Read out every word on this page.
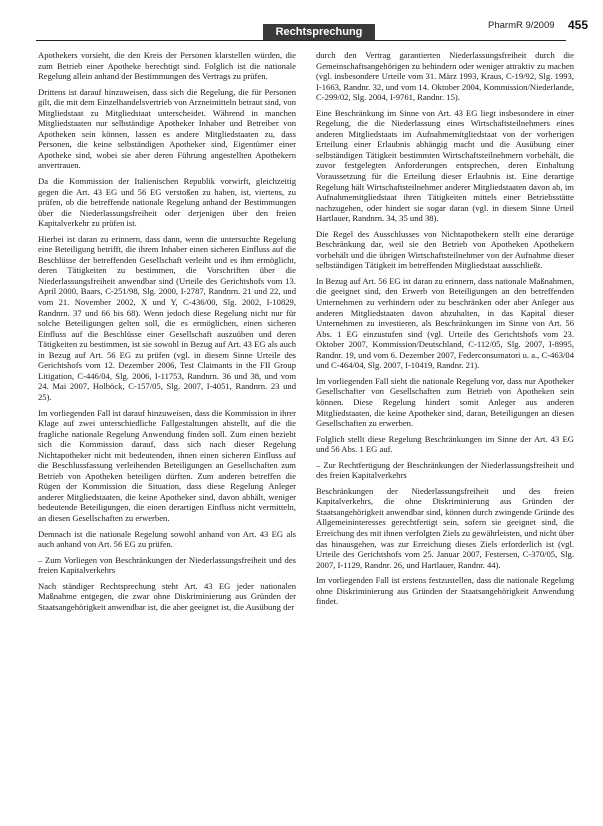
Rechtsprechung
PharmR 9/2009 455

Apothekers vorsieht, die den Kreis der Personen klarstellen würden, die zum Betrieb einer Apotheke berechtigt sind. Folglich ist die nationale Regelung allein anhand der Bestimmungen des Vertrags zu prüfen.

Drittens ist darauf hinzuweisen, dass sich die Regelung, die für Personen gilt, die mit dem Einzelhandelsvertrieb von Arzneimitteln betraut sind, von Mitgliedstaat zu Mitgliedstaat unterscheidet. Während in manchen Mitgliedstaaten nur selbständige Apotheker Inhaber und Betreiber von Apotheken sein können, lassen es andere Mitgliedstaaten zu, dass Personen, die keine selbständigen Apotheker sind, Eigentümer einer Apotheke sind, wobei sie aber deren Führung angestellten Apothekern anvertrauen.

Da die Kommission der Italienischen Republik vorwirft, gleichzeitig gegen die Art. 43 EG und 56 EG verstoßen zu haben, ist, viertens, zu prüfen, ob die betreffende nationale Regelung anhand der Bestimmungen über die Niederlassungsfreiheit oder derjenigen über den freien Kapitalverkehr zu prüfen ist.

Hierbei ist daran zu erinnern, dass dann, wenn die untersuchte Regelung eine Beteiligung betrifft, die ihrem Inhaber einen sicheren Einfluss auf die Beschlüsse der betreffenden Gesellschaft verleiht und es ihm ermöglicht, deren Tätigkeiten zu bestimmen, die Vorschriften über die Niederlassungsfreiheit anwendbar sind (Urteile des Gerichtshofs vom 13. April 2000, Baars, C-251/98, Slg. 2000, I-2787, Randnrn. 21 und 22, und vom 21. November 2002, X und Y, C-436/00, Slg. 2002, I-10829, Randnrn. 37 und 66 bis 68). Wenn jedoch diese Regelung nicht nur für solche Beteiligungen gelten soll, die es ermöglichen, einen sicheren Einfluss auf die Beschlüsse einer Gesellschaft auszuüben und deren Tätigkeiten zu bestimmen, ist sie sowohl in Bezug auf Art. 43 EG als auch in Bezug auf Art. 56 EG zu prüfen (vgl. in diesem Sinne Urteile des Gerichtshofs vom 12. Dezember 2006, Test Claimants in the FII Group Litigation, C-446/04, Slg. 2006, I-11753, Randnrn. 36 und 38, und vom 24. Mai 2007, Holböck, C-157/05, Slg. 2007, I-4051, Randnrn. 23 und 25).

Im vorliegenden Fall ist darauf hinzuweisen, dass die Kommission in ihrer Klage auf zwei unterschiedliche Fallgestaltungen abstellt, auf die die fragliche nationale Regelung Anwendung finden soll. Zum einen bezieht sich die Kommission darauf, dass sich nach dieser Regelung Nichtapotheker nicht mit bedeutenden, ihnen einen sicheren Einfluss auf die Beschlussfassung verleihenden Beteiligungen an Gesellschaften zum Betrieb von Apotheken beteiligen dürften. Zum anderen betreffen die Rügen der Kommission die Situation, dass diese Regelung Anleger anderer Mitgliedstaaten, die keine Apotheker sind, davon abhält, weniger bedeutende Beteiligungen, die einen derartigen Einfluss nicht vermitteln, an diesen Gesellschaften zu erwerben.

Demnach ist die nationale Regelung sowohl anhand von Art. 43 EG als auch anhand von Art. 56 EG zu prüfen.

– Zum Vorliegen von Beschränkungen der Niederlassungsfreiheit und des freien Kapitalverkehrs

Nach ständiger Rechtsprechung steht Art. 43 EG jeder nationalen Maßnahme entgegen, die zwar ohne Diskriminierung aus Gründen der Staatsangehörigkeit anwendbar ist, die aber geeignet ist, die Ausübung der

durch den Vertrag garantierten Niederlassungsfreiheit durch die Gemeinschaftsangehörigen zu behindern oder weniger attraktiv zu machen (vgl. insbesondere Urteile vom 31. März 1993, Kraus, C-19/92, Slg. 1993, I-1663, Randnr. 32, und vom 14. Oktober 2004, Kommission/Niederlande, C-299/02, Slg. 2004, I-9761, Randnr. 15).

Eine Beschränkung im Sinne von Art. 43 EG liegt insbesondere in einer Regelung, die die Niederlassung eines Wirtschaftsteilnehmers eines anderen Mitgliedstaats im Aufnahmemitgliedstaat von der vorherigen Erteilung einer Erlaubnis abhängig macht und die Ausübung einer selbständigen Tätigkeit bestimmten Wirtschaftsteilnehmern vorbehält, die zuvor festgelegten Anforderungen entsprechen, deren Einhaltung Voraussetzung für die Erteilung dieser Erlaubnis ist. Eine derartige Regelung hält Wirtschaftsteilnehmer anderer Mitgliedstaaten davon ab, im Aufnahmemitgliedstaat ihren Tätigkeiten mittels einer Betriebsstätte nachzugehen, oder hindert sie sogar daran (vgl. in diesem Sinne Urteil Hartlauer, Randnrn. 34, 35 und 38).

Die Regel des Ausschlusses von Nichtapothekern stellt eine derartige Beschränkung dar, weil sie den Betrieb von Apotheken Apothekern vorbehält und die übrigen Wirtschaftsteilnehmer von der Aufnahme dieser selbständigen Tätigkeit im betreffenden Mitgliedstaat ausschließt.

In Bezug auf Art. 56 EG ist daran zu erinnern, dass nationale Maßnahmen, die geeignet sind, den Erwerb von Beteiligungen an den betreffenden Unternehmen zu verhindern oder zu beschränken oder aber Anleger aus anderen Mitgliedstaaten davon abzuhalten, in das Kapital dieser Unternehmen zu investieren, als Beschränkungen im Sinne von Art. 56 Abs. 1 EG einzustufen sind (vgl. Urteile des Gerichtshofs vom 23. Oktober 2007, Kommission/Deutschland, C-112/05, Slg. 2007, I-8995, Randnr. 19, und vom 6. Dezember 2007, Federconsumatori u. a., C-463/04 und C-464/04, Slg. 2007, I-10419, Randnr. 21).

Im vorliegenden Fall sieht die nationale Regelung vor, dass nur Apotheker Gesellschafter von Gesellschaften zum Betrieb von Apotheken sein können. Diese Regelung hindert somit Anleger aus anderen Mitgliedstaaten, die keine Apotheker sind, daran, Beteiligungen an diesen Gesellschaften zu erwerben.

Folglich stellt diese Regelung Beschränkungen im Sinne der Art. 43 EG und 56 Abs. 1 EG auf.

– Zur Rechtfertigung der Beschränkungen der Niederlassungsfreiheit und des freien Kapitalverkehrs

Beschränkungen der Niederlassungsfreiheit und des freien Kapitalverkehrs, die ohne Diskriminierung aus Gründen der Staatsangehörigkeit anwendbar sind, können durch zwingende Gründe des Allgemeininteresses gerechtfertigt sein, sofern sie geeignet sind, die Erreichung des mit ihnen verfolgten Ziels zu gewährleisten, und nicht über das hinausgehen, was zur Erreichung dieses Ziels erforderlich ist (vgl. Urteile des Gerichtshofs vom 25. Januar 2007, Festersen, C-370/05, Slg. 2007, I-1129, Randnr. 26, und Hartlauer, Randnr. 44).

Im vorliegenden Fall ist erstens festzustellen, dass die nationale Regelung ohne Diskriminierung aus Gründen der Staatsangehörigkeit Anwendung findet.
